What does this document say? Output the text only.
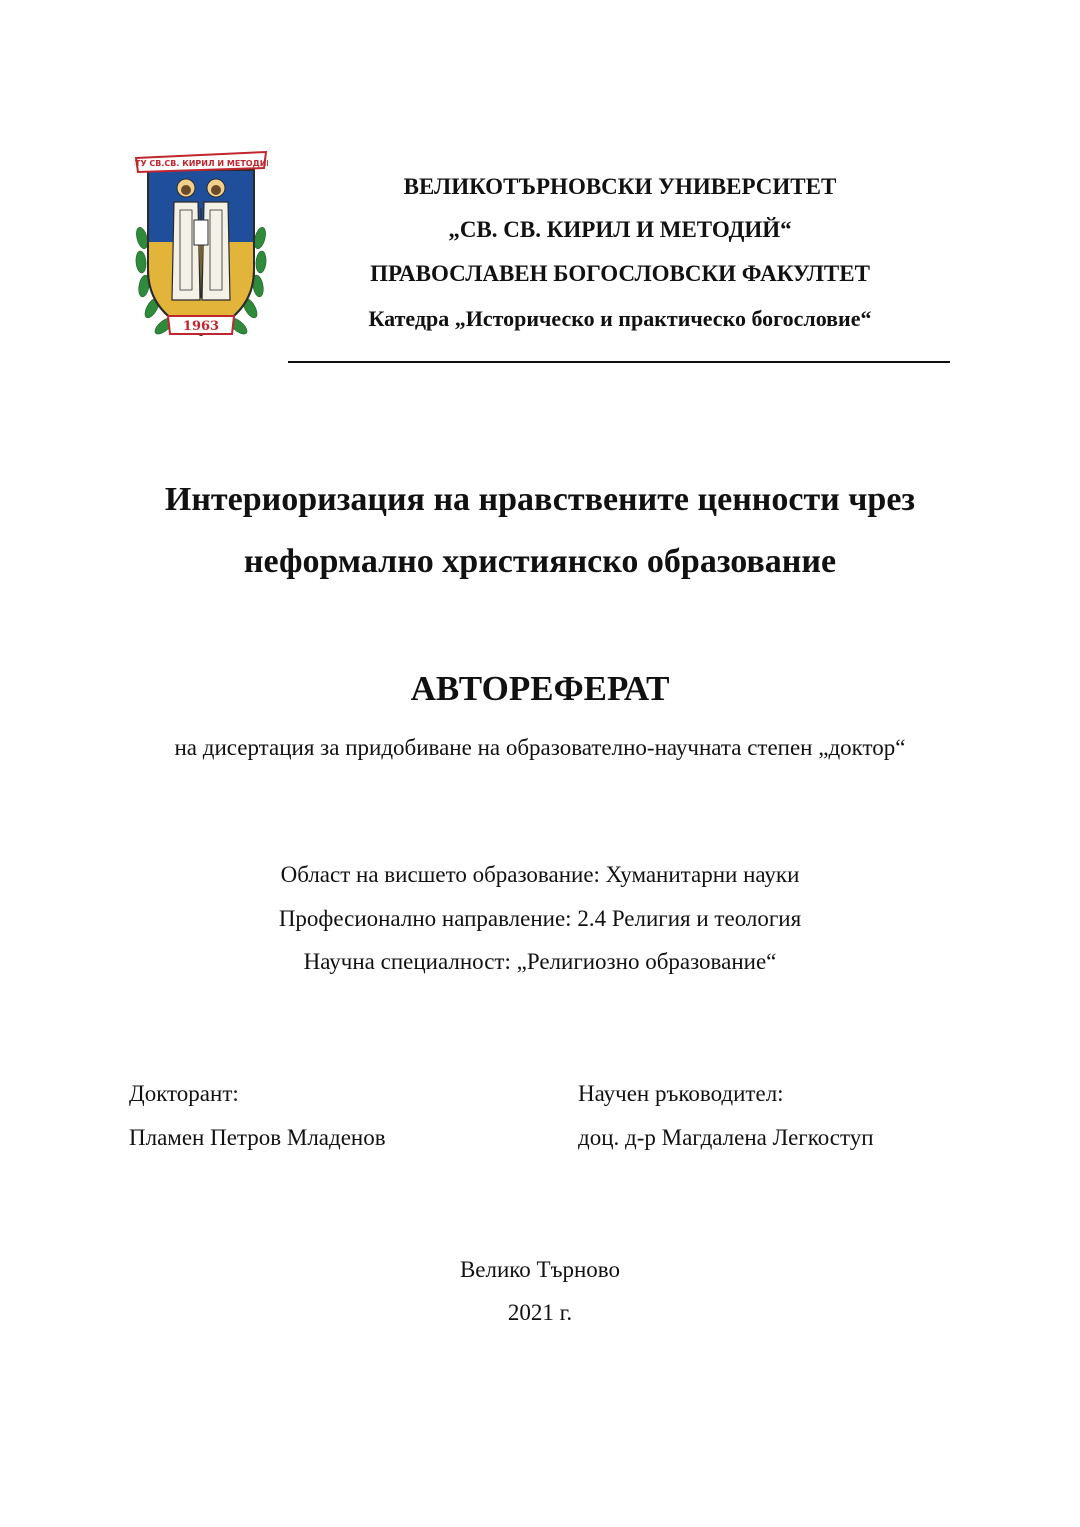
ВТУ СВ.СВ. КИРИЛ И МЕТОДИЙ
1963
ВЕЛИКОТЪРНОВСКИ УНИВЕРСИТЕТ
„СВ. СВ. КИРИЛ И МЕТОДИЙ“
ПРАВОСЛАВЕН БОГОСЛОВСКИ ФАКУЛТЕТ
Катедра „Историческо и практическо богословие“
Интериоризация на нравствените ценности чрез
неформално християнско образование
АВТОРЕФЕРАТ
на дисертация за придобиване на образователно-научната степен „доктор“
Област на висшето образование: Хуманитарни науки
Професионално направление: 2.4 Религия и теология
Научна специалност: „Религиозно образование“
Докторант:
Пламен Петров Младенов
Научен ръководител:
доц. д-р Магдалена Легкоступ
Велико Търново
2021 г.
